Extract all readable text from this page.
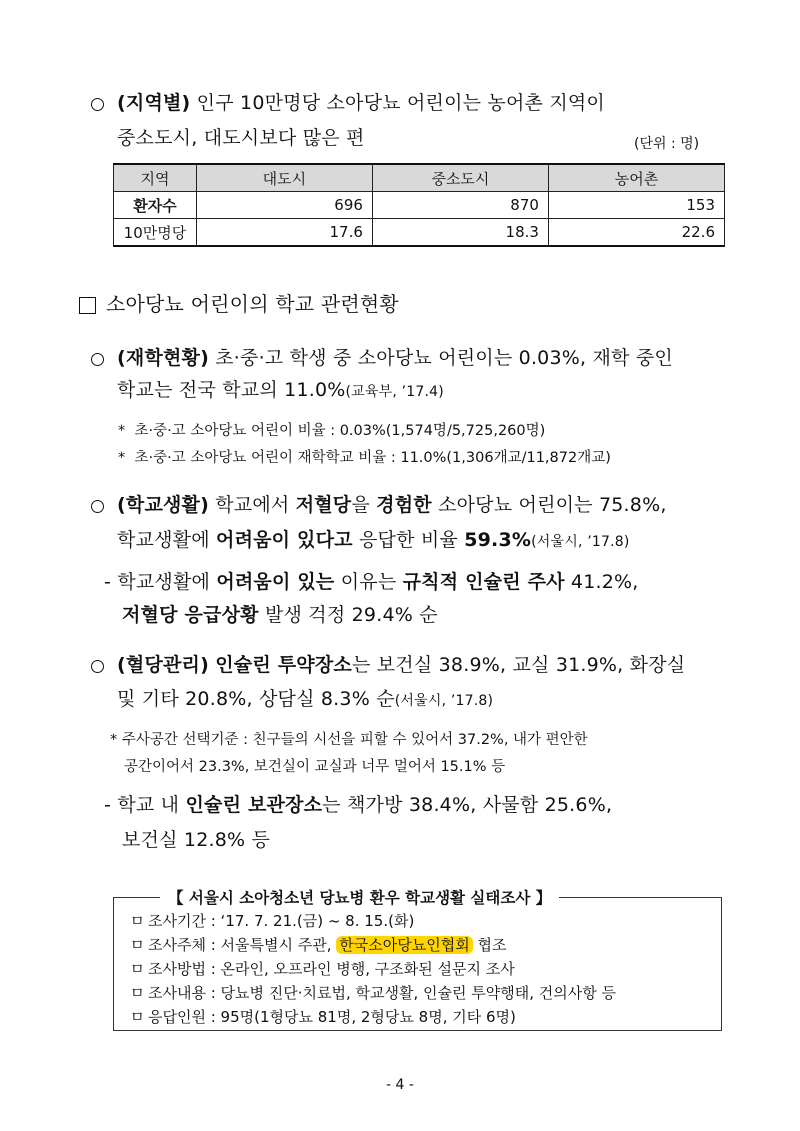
(지역별) 인구 10만명당 소아당뇨 어린이는 농어촌 지역이
중소도시, 대도시보다 많은 편	(단위 : 명)
지역	대도시	중소도시	농어촌
환자수	696	870	153
10만명당	17.6	18.3	22.6
소아당뇨 어린이의 학교 관련현황
(재학현황) 초·중·고 학생 중 소아당뇨 어린이는 0.03%, 재학 중인
학교는 전국 학교의 11.0%(교육부, ’17.4)
* 초·중·고 소아당뇨 어린이 비율 : 0.03%(1,574명/5,725,260명)
* 초·중·고 소아당뇨 어린이 재학학교 비율 : 11.0%(1,306개교/11,872개교)
(학교생활) 학교에서 저혈당을 경험한 소아당뇨 어린이는 75.8%,
학교생활에 어려움이 있다고 응답한 비율 59.3%(서울시, ’17.8)
- 학교생활에 어려움이 있는 이유는 규칙적 인슐린 주사 41.2%,
저혈당 응급상황 발생 걱정 29.4% 순
(혈당관리) 인슐린 투약장소는 보건실 38.9%, 교실 31.9%, 화장실
및 기타 20.8%, 상담실 8.3% 순(서울시, ’17.8)
* 주사공간 선택기준 : 친구들의 시선을 피할 수 있어서 37.2%, 내가 편안한
공간이어서 23.3%, 보건실이 교실과 너무 멀어서 15.1% 등
- 학교 내 인슐린 보관장소는 책가방 38.4%, 사물함 25.6%,
보건실 12.8% 등
【 서울시 소아청소년 당뇨병 환우 학교생활 실태조사 】
ㅁ 조사기간 : ‘17. 7. 21.(금) ~ 8. 15.(화)
ㅁ 조사주체 : 서울특별시 주관, 한국소아당뇨인협회 협조
ㅁ 조사방법 : 온라인, 오프라인 병행, 구조화된 설문지 조사
ㅁ 조사내용 : 당뇨병 진단·치료법, 학교생활, 인슐린 투약행태, 건의사항 등
ㅁ 응답인원 : 95명(1형당뇨 81명, 2형당뇨 8명, 기타 6명)
- 4 -
